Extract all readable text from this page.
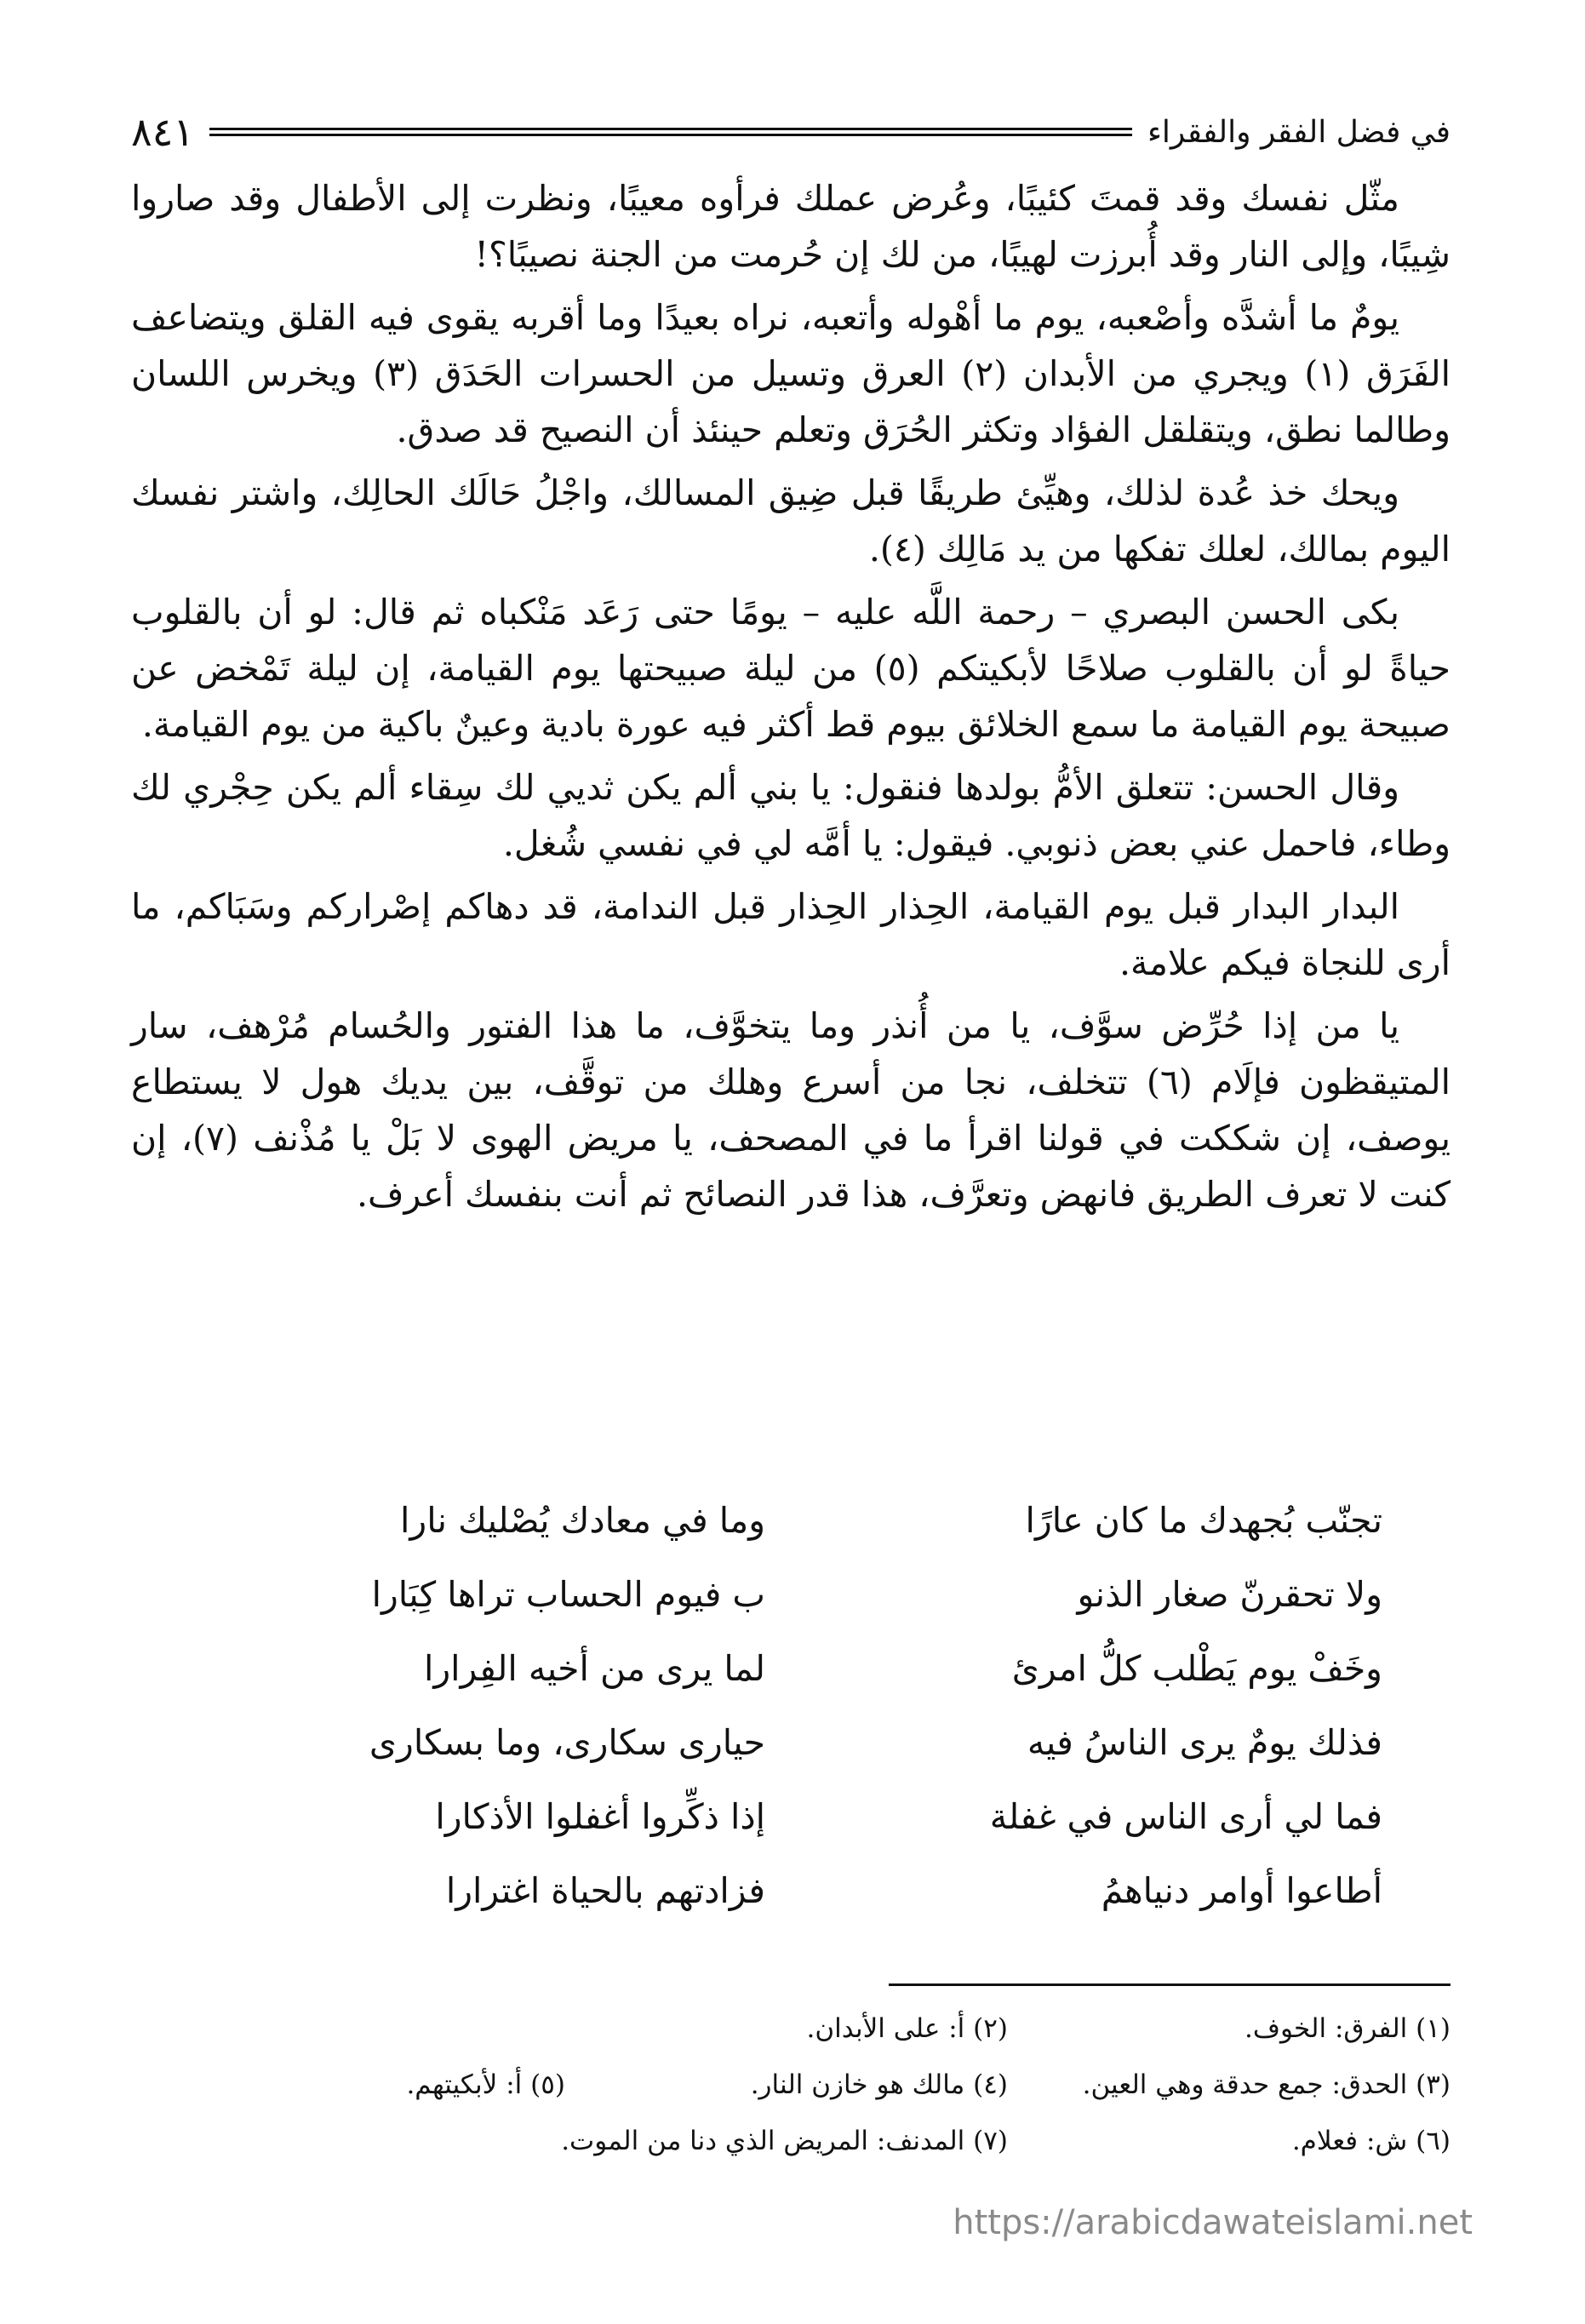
في فضل الفقر والفقراء
٨٤١

مثّل نفسك وقد قمتَ كئيبًا، وعُرض عملك فرأوه معيبًا، ونظرت إلى الأطفال وقد صاروا شِيبًا، وإلى النار وقد أُبرزت لهيبًا، من لك إن حُرمت من الجنة نصيبًا؟!

يومٌ ما أشدَّه وأصْعبه، يوم ما أهْوله وأتعبه، نراه بعيدًا وما أقربه يقوى فيه القلق ويتضاعف الفَرَق (١) ويجري من الأبدان (٢) العرق وتسيل من الحسرات الحَدَق (٣) ويخرس اللسان وطالما نطق، ويتقلقل الفؤاد وتكثر الحُرَق وتعلم حينئذ أن النصيح قد صدق.

ويحك خذ عُدة لذلك، وهيِّئ طريقًا قبل ضِيق المسالك، واجْلُ حَالَك الحالِك، واشتر نفسك اليوم بمالك، لعلك تفكها من يد مَالِك (٤).

بكى الحسن البصري – رحمة اللَّه عليه – يومًا حتى رَعَد مَنْكباه ثم قال: لو أن بالقلوب حياةً لو أن بالقلوب صلاحًا لأبكيتكم (٥) من ليلة صبيحتها يوم القيامة، إن ليلة تَمْخض عن صبيحة يوم القيامة ما سمع الخلائق بيوم قط أكثر فيه عورة بادية وعينٌ باكية من يوم القيامة.

وقال الحسن: تتعلق الأمُّ بولدها فنقول: يا بني ألم يكن ثديي لك سِقاء ألم يكن حِجْري لك وطاء، فاحمل عني بعض ذنوبي. فيقول: يا أمَّه لي في نفسي شُغل.

البدار البدار قبل يوم القيامة، الحِذار الحِذار قبل الندامة، قد دهاكم إصْراركم وسَبَاكم، ما أرى للنجاة فيكم علامة.

يا من إذا حُرِّض سوَّف، يا من أُنذر وما يتخوَّف، ما هذا الفتور والحُسام مُرْهف، سار المتيقظون فإلَام (٦) تتخلف، نجا من أسرع وهلك من توقَّف، بين يديك هول لا يستطاع يوصف، إن شككت في قولنا اقرأ ما في المصحف، يا مريض الهوى لا بَلْ يا مُذْنف (٧)، إن كنت لا تعرف الطريق فانهض وتعرَّف، هذا قدر النصائح ثم أنت بنفسك أعرف.

تجنّب بُجهدك ما كان عارًا
وما في معادك يُصْليك نارا
ولا تحقرنّ صغار الذنو
ب فيوم الحساب تراها كِبَارا
وخَفْ يوم يَطْلب كلُّ امرئ
لما يرى من أخيه الفِرارا
فذلك يومٌ يرى الناسُ فيه
حيارى سكارى، وما بسكارى
فما لي أرى الناس في غفلة
إذا ذكِّروا أغفلوا الأذكارا
أطاعوا أوامر دنياهمُ
فزادتهم بالحياة اغترارا
(١) الفرق: الخوف.
(٢) أ: على الأبدان.
(٣) الحدق: جمع حدقة وهي العين.
(٤) مالك هو خازن النار.
(٥) أ: لأبكيتهم.
(٦) ش: فعلام.
(٧) المدنف: المريض الذي دنا من الموت.
https://arabicdawateislami.net
